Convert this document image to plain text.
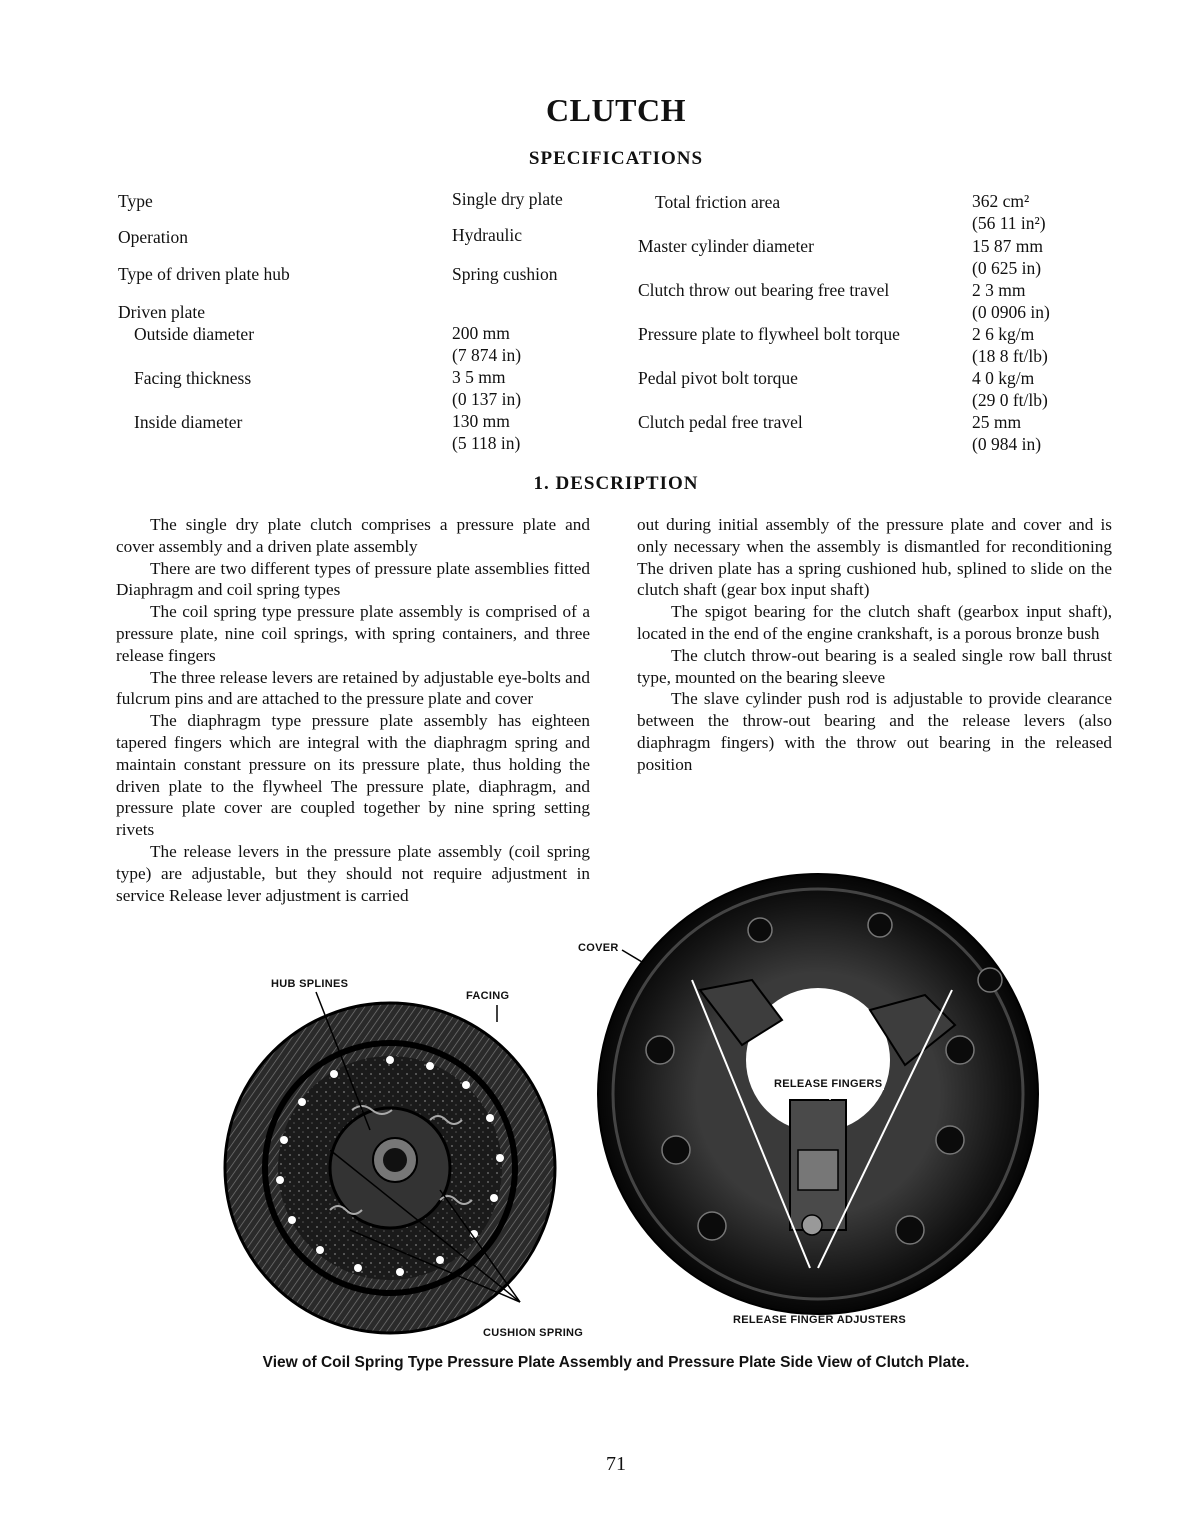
CLUTCH
SPECIFICATIONS
Type	Single dry plate
Operation	Hydraulic
Type of driven plate hub	Spring cushion
Driven plate
Outside diameter	200 mm
(7 874 in)
Facing thickness	3 5 mm
(0 137 in)
Inside diameter	130 mm
(5 118 in)
Total friction area	362 cm²
(56 11 in²)
Master cylinder diameter	15 87 mm
(0 625 in)
Clutch throw out bearing free travel	2 3 mm
(0 0906 in)
Pressure plate to flywheel bolt torque	2 6 kg/m
(18 8 ft/lb)
Pedal pivot bolt torque	4 0 kg/m
(29 0 ft/lb)
Clutch pedal free travel	25 mm
(0 984 in)
1. DESCRIPTION

The single dry plate clutch comprises a pressure plate and cover assembly and a driven plate assembly

There are two different types of pressure plate assemblies fitted Diaphragm and coil spring types

The coil spring type pressure plate assembly is comprised of a pressure plate, nine coil springs, with spring containers, and three release fingers

The three release levers are retained by adjustable eye-bolts and fulcrum pins and are attached to the pressure plate and cover

The diaphragm type pressure plate assembly has eighteen tapered fingers which are integral with the diaphragm spring and maintain constant pressure on its pressure plate, thus holding the driven plate to the flywheel The pressure plate, diaphragm, and pressure plate cover are coupled together by nine spring setting rivets

The release levers in the pressure plate assembly (coil spring type) are adjustable, but they should not require adjustment in service Release lever adjustment is carried

out during initial assembly of the pressure plate and cover and is only necessary when the assembly is dismantled for reconditioning The driven plate has a spring cushioned hub, splined to slide on the clutch shaft (gear box input shaft)

The spigot bearing for the clutch shaft (gearbox input shaft), located in the end of the engine crankshaft, is a porous bronze bush

The clutch throw-out bearing is a sealed single row ball thrust type, mounted on the bearing sleeve

The slave cylinder push rod is adjustable to provide clearance between the throw-out bearing and the release levers (also diaphragm fingers) with the throw out bearing in the released position

COVER
HUB SPLINES
FACING
RELEASE FINGERS
RELEASE FINGER ADJUSTERS
CUSHION SPRING
View of Coil Spring Type Pressure Plate Assembly and Pressure Plate Side View of Clutch Plate.
71
